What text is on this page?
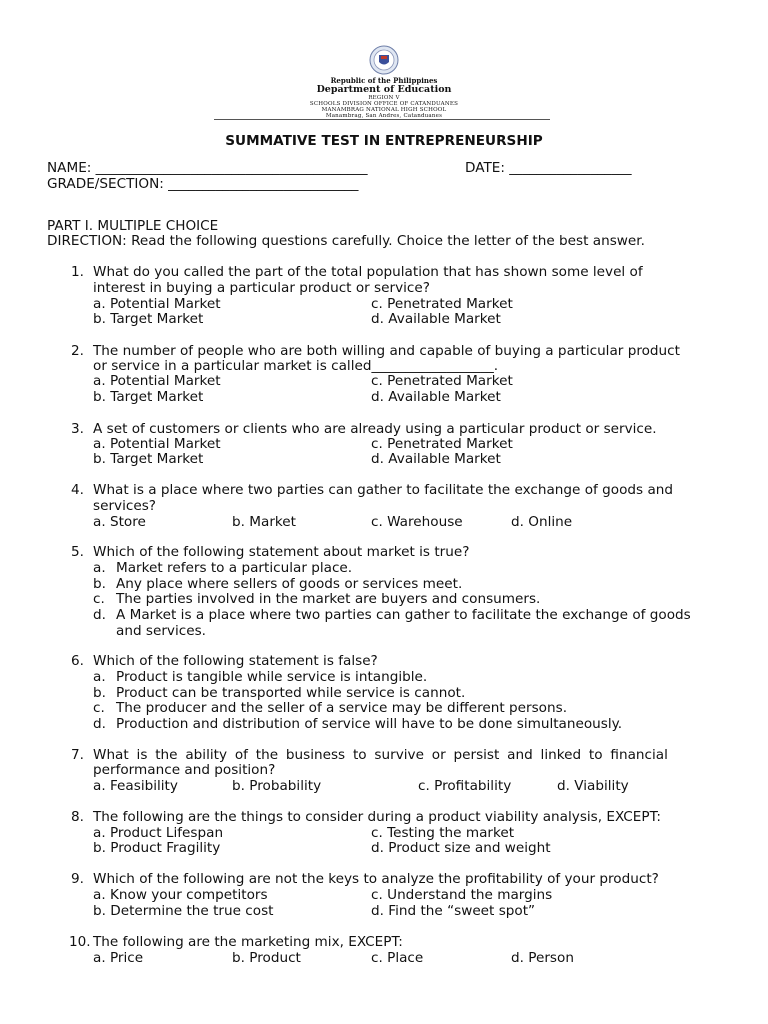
Republic of the Philippines
Department of Education
REGION V
SCHOOLS DIVISION OFFICE OF CATANDUANES
MANAMBRAG NATIONAL HIGH SCHOOL
Manambrag, San Andres, Catanduanes
SUMMATIVE TEST IN ENTREPRENEURSHIP
NAME: ________________________________________	DATE: __________________
GRADE/SECTION: ____________________________
PART I. MULTIPLE CHOICE
DIRECTION: Read the following questions carefully. Choice the letter of the best answer.
1. What do you called the part of the total population that has shown some level of
interest in buying a particular product or service?
a. Potential Market	c. Penetrated Market
b. Target Market	d. Available Market
2. The number of people who are both willing and capable of buying a particular product
or service in a particular market is called__________________.
a. Potential Market	c. Penetrated Market
b. Target Market	d. Available Market
3. A set of customers or clients who are already using a particular product or service.
a. Potential Market	c. Penetrated Market
b. Target Market	d. Available Market
4. What is a place where two parties can gather to facilitate the exchange of goods and
services?
a. Store	b. Market	c. Warehouse	d. Online
5. Which of the following statement about market is true?
a. Market refers to a particular place.
b. Any place where sellers of goods or services meet.
c. The parties involved in the market are buyers and consumers.
d. A Market is a place where two parties can gather to facilitate the exchange of goods
and services.
6. Which of the following statement is false?
a. Product is tangible while service is intangible.
b. Product can be transported while service is cannot.
c. The producer and the seller of a service may be different persons.
d. Production and distribution of service will have to be done simultaneously.
7. What is the ability of the business to survive or persist and linked to financial
performance and position?
a. Feasibility	b. Probability	c. Profitability	d. Viability
8. The following are the things to consider during a product viability analysis, EXCEPT:
a. Product Lifespan	c. Testing the market
b. Product Fragility	d. Product size and weight
9. Which of the following are not the keys to analyze the profitability of your product?
a. Know your competitors	c. Understand the margins
b. Determine the true cost	d. Find the “sweet spot”
10. The following are the marketing mix, EXCEPT:
a. Price	b. Product	c. Place	d. Person
